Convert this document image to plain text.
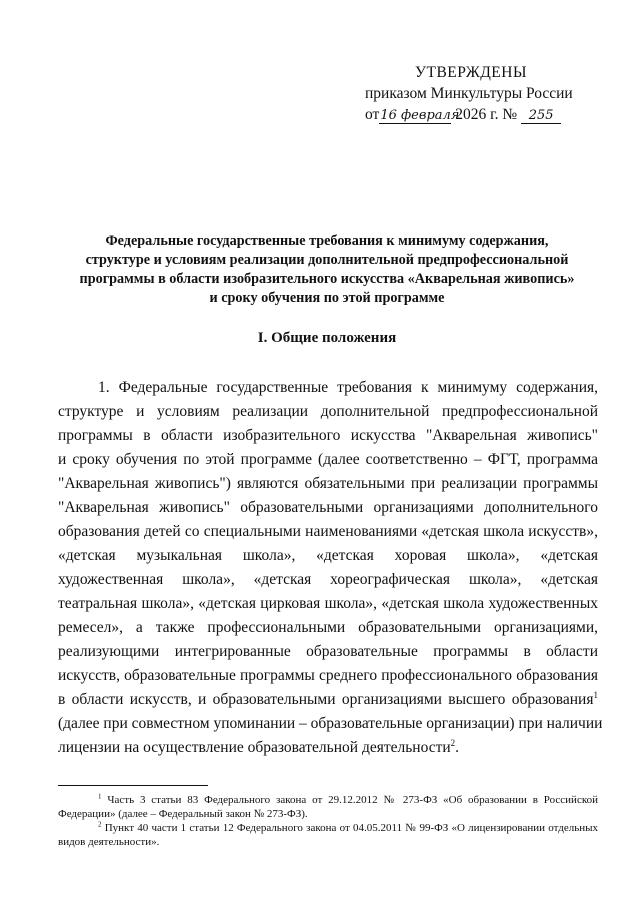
УТВЕРЖДЕНЫ
приказом Минкультуры России
от16 февраля 2026 г. № 255
Федеральные государственные требования к минимуму содержания,
структуре и условиям реализации дополнительной предпрофессиональной
программы в области изобразительного искусства «Акварельная живопись»
и сроку обучения по этой программе
I. Общие положения
1. Федеральные государственные требования к минимуму содержания,
структуре и условиям реализации дополнительной предпрофессиональной
программы в области изобразительного искусства "Акварельная живопись"
и сроку обучения по этой программе (далее соответственно – ФГТ, программа
"Акварельная живопись") являются обязательными при реализации программы
"Акварельная живопись" образовательными организациями дополнительного
образования детей со специальными наименованиями «детская школа искусств»,
«детская музыкальная школа», «детская хоровая школа», «детская
художественная школа», «детская хореографическая школа», «детская
театральная школа», «детская цирковая школа», «детская школа художественных
ремесел», а также профессиональными образовательными организациями,
реализующими интегрированные образовательные программы в области
искусств, образовательные программы среднего профессионального образования
в области искусств, и образовательными организациями высшего образования$^1$
(далее при совместном упоминании – образовательные организации) при наличии
лицензии на осуществление образовательной деятельности$^2$.
$^1$ Часть 3 статьи 83 Федерального закона от 29.12.2012 № 273-ФЗ «Об образовании в Российской
Федерации» (далее – Федеральный закон № 273-ФЗ).
$^2$ Пункт 40 части 1 статьи 12 Федерального закона от 04.05.2011 № 99-ФЗ «О лицензировании отдельных
видов деятельности».
